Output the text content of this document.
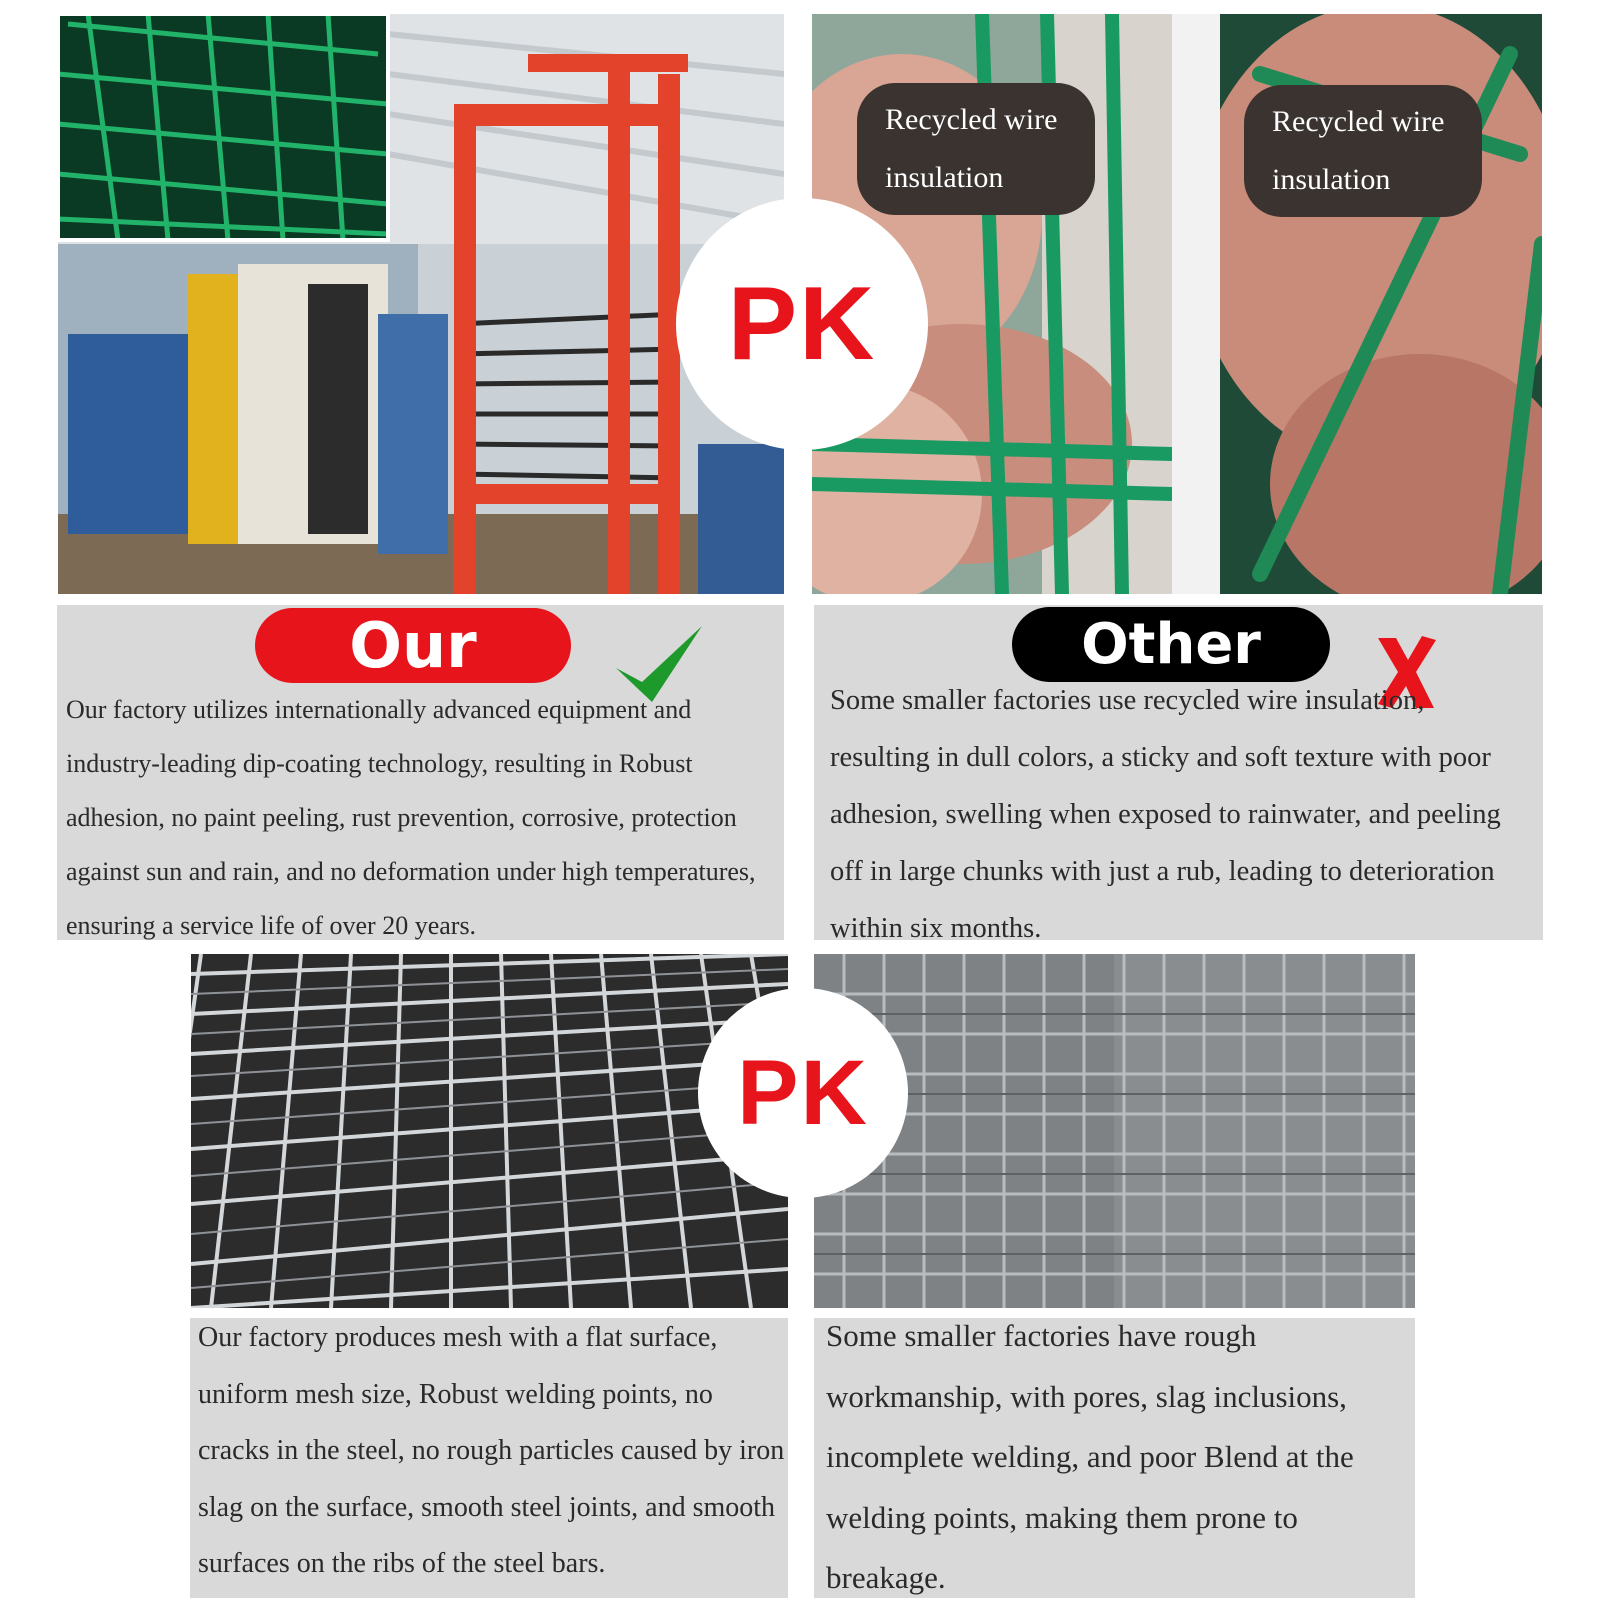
Recycled wire
insulation
Recycled wire
insulation
PK
Our	Other
Our factory utilizes internationally advanced equipment and industry-leading dip-coating technology, resulting in Robust adhesion, no paint peeling, rust prevention, corrosive, protection against sun and rain, and no deformation under high temperatures, ensuring a service life of over 20 years.
Some smaller factories use recycled wire insulation, resulting in dull colors, a sticky and soft texture with poor adhesion, swelling when exposed to rainwater, and peeling off in large chunks with just a rub, leading to deterioration within six months.
PK
Our factory produces mesh with a flat surface, uniform mesh size, Robust welding points, no cracks in the steel, no rough particles caused by iron slag on the surface, smooth steel joints, and smooth surfaces on the ribs of the steel bars.
Some smaller factories have rough workmanship, with pores, slag inclusions, incomplete welding, and poor Blend at the welding points, making them prone to breakage.
